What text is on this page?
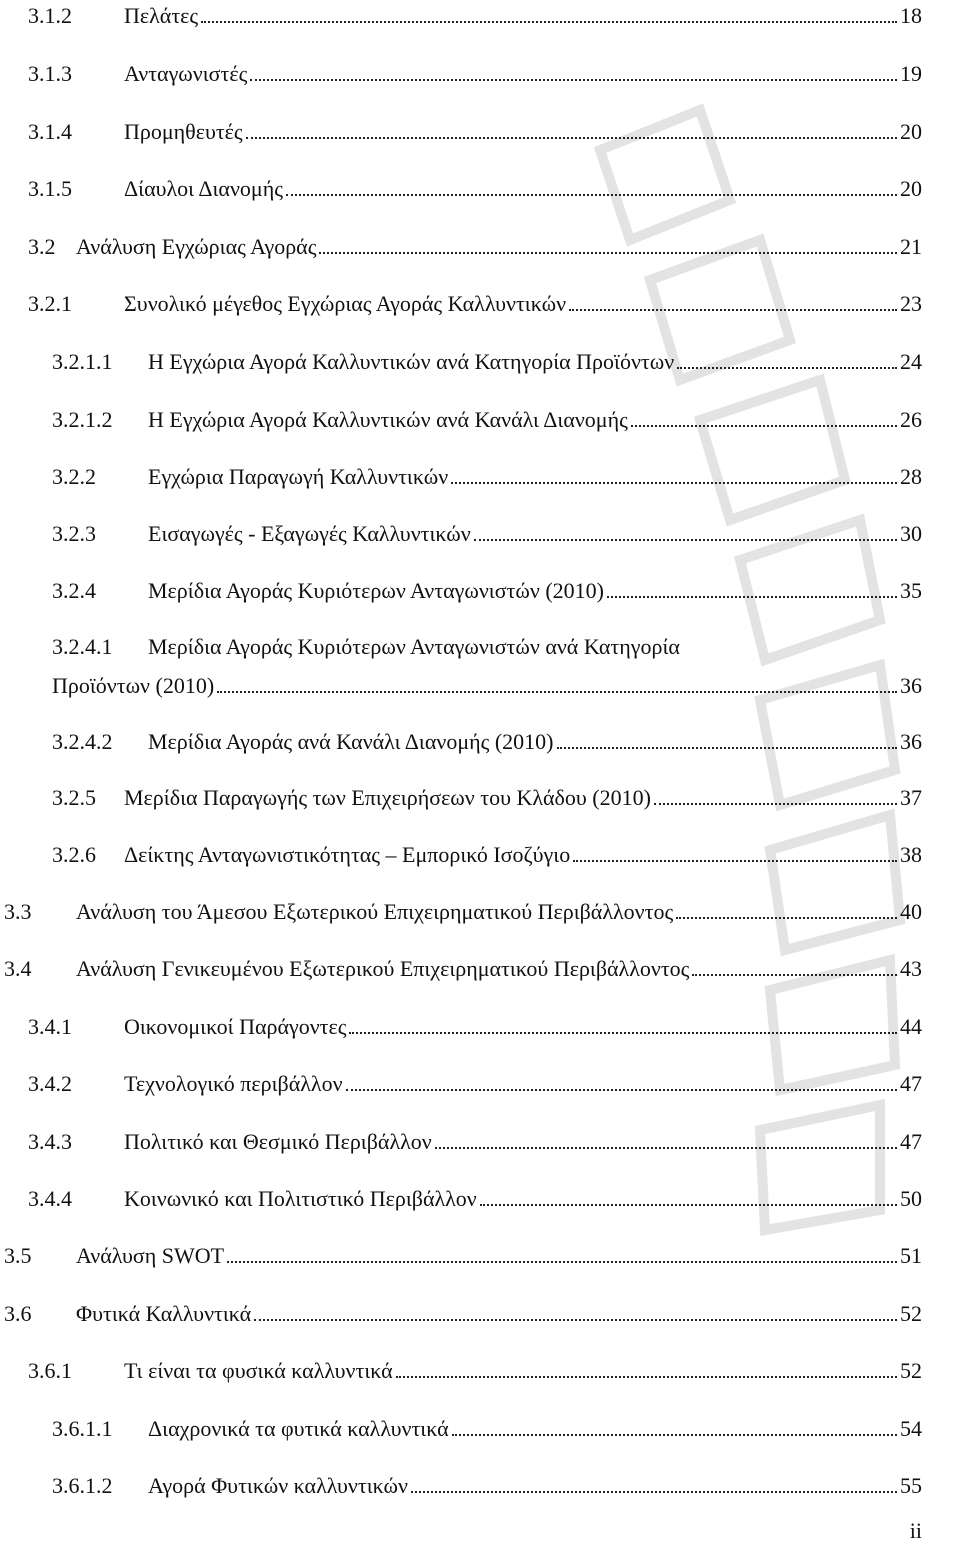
3.1.2	Πελάτες	18
3.1.3	Ανταγωνιστές	19
3.1.4	Προμηθευτές	20
3.1.5	Δίαυλοι Διανομής	20
3.2 Ανάλυση Εγχώριας Αγοράς	21
3.2.1	Συνολικό μέγεθος Εγχώριας Αγοράς Καλλυντικών	23
3.2.1.1	Η Εγχώρια Αγορά Καλλυντικών ανά Κατηγορία Προϊόντων	24
3.2.1.2	Η Εγχώρια Αγορά Καλλυντικών ανά Κανάλι Διανομής	26
3.2.2	Εγχώρια Παραγωγή Καλλυντικών	28
3.2.3	Εισαγωγές - Εξαγωγές Καλλυντικών	30
3.2.4	Μερίδια Αγοράς Κυριότερων Ανταγωνιστών (2010)	35
3.2.4.1 Μερίδια Αγοράς Κυριότερων Ανταγωνιστών ανά Κατηγορία
Προϊόντων (2010)	36
3.2.4.2	Μερίδια Αγοράς ανά Κανάλι Διανομής (2010)	36
3.2.5	Μερίδια Παραγωγής των Επιχειρήσεων του Κλάδου (2010)	37
3.2.6	Δείκτης Ανταγωνιστικότητας – Εμπορικό Ισοζύγιο	38
3.3	Ανάλυση του Άμεσου Εξωτερικού Επιχειρηματικού Περιβάλλοντος	40
3.4	Ανάλυση Γενικευμένου Εξωτερικού Επιχειρηματικού Περιβάλλοντος	43
3.4.1	Οικονομικοί Παράγοντες	44
3.4.2	Τεχνολογικό περιβάλλον	47
3.4.3	Πολιτικό και Θεσμικό Περιβάλλον	47
3.4.4	Κοινωνικό και Πολιτιστικό Περιβάλλον	50
3.5	Ανάλυση SWOT	51
3.6	Φυτικά Καλλυντικά	52
3.6.1	Τι είναι τα φυσικά καλλυντικά	52
3.6.1.1	Διαχρονικά τα φυτικά καλλυντικά	54
3.6.1.2	Αγορά Φυτικών καλλυντικών	55
ii
